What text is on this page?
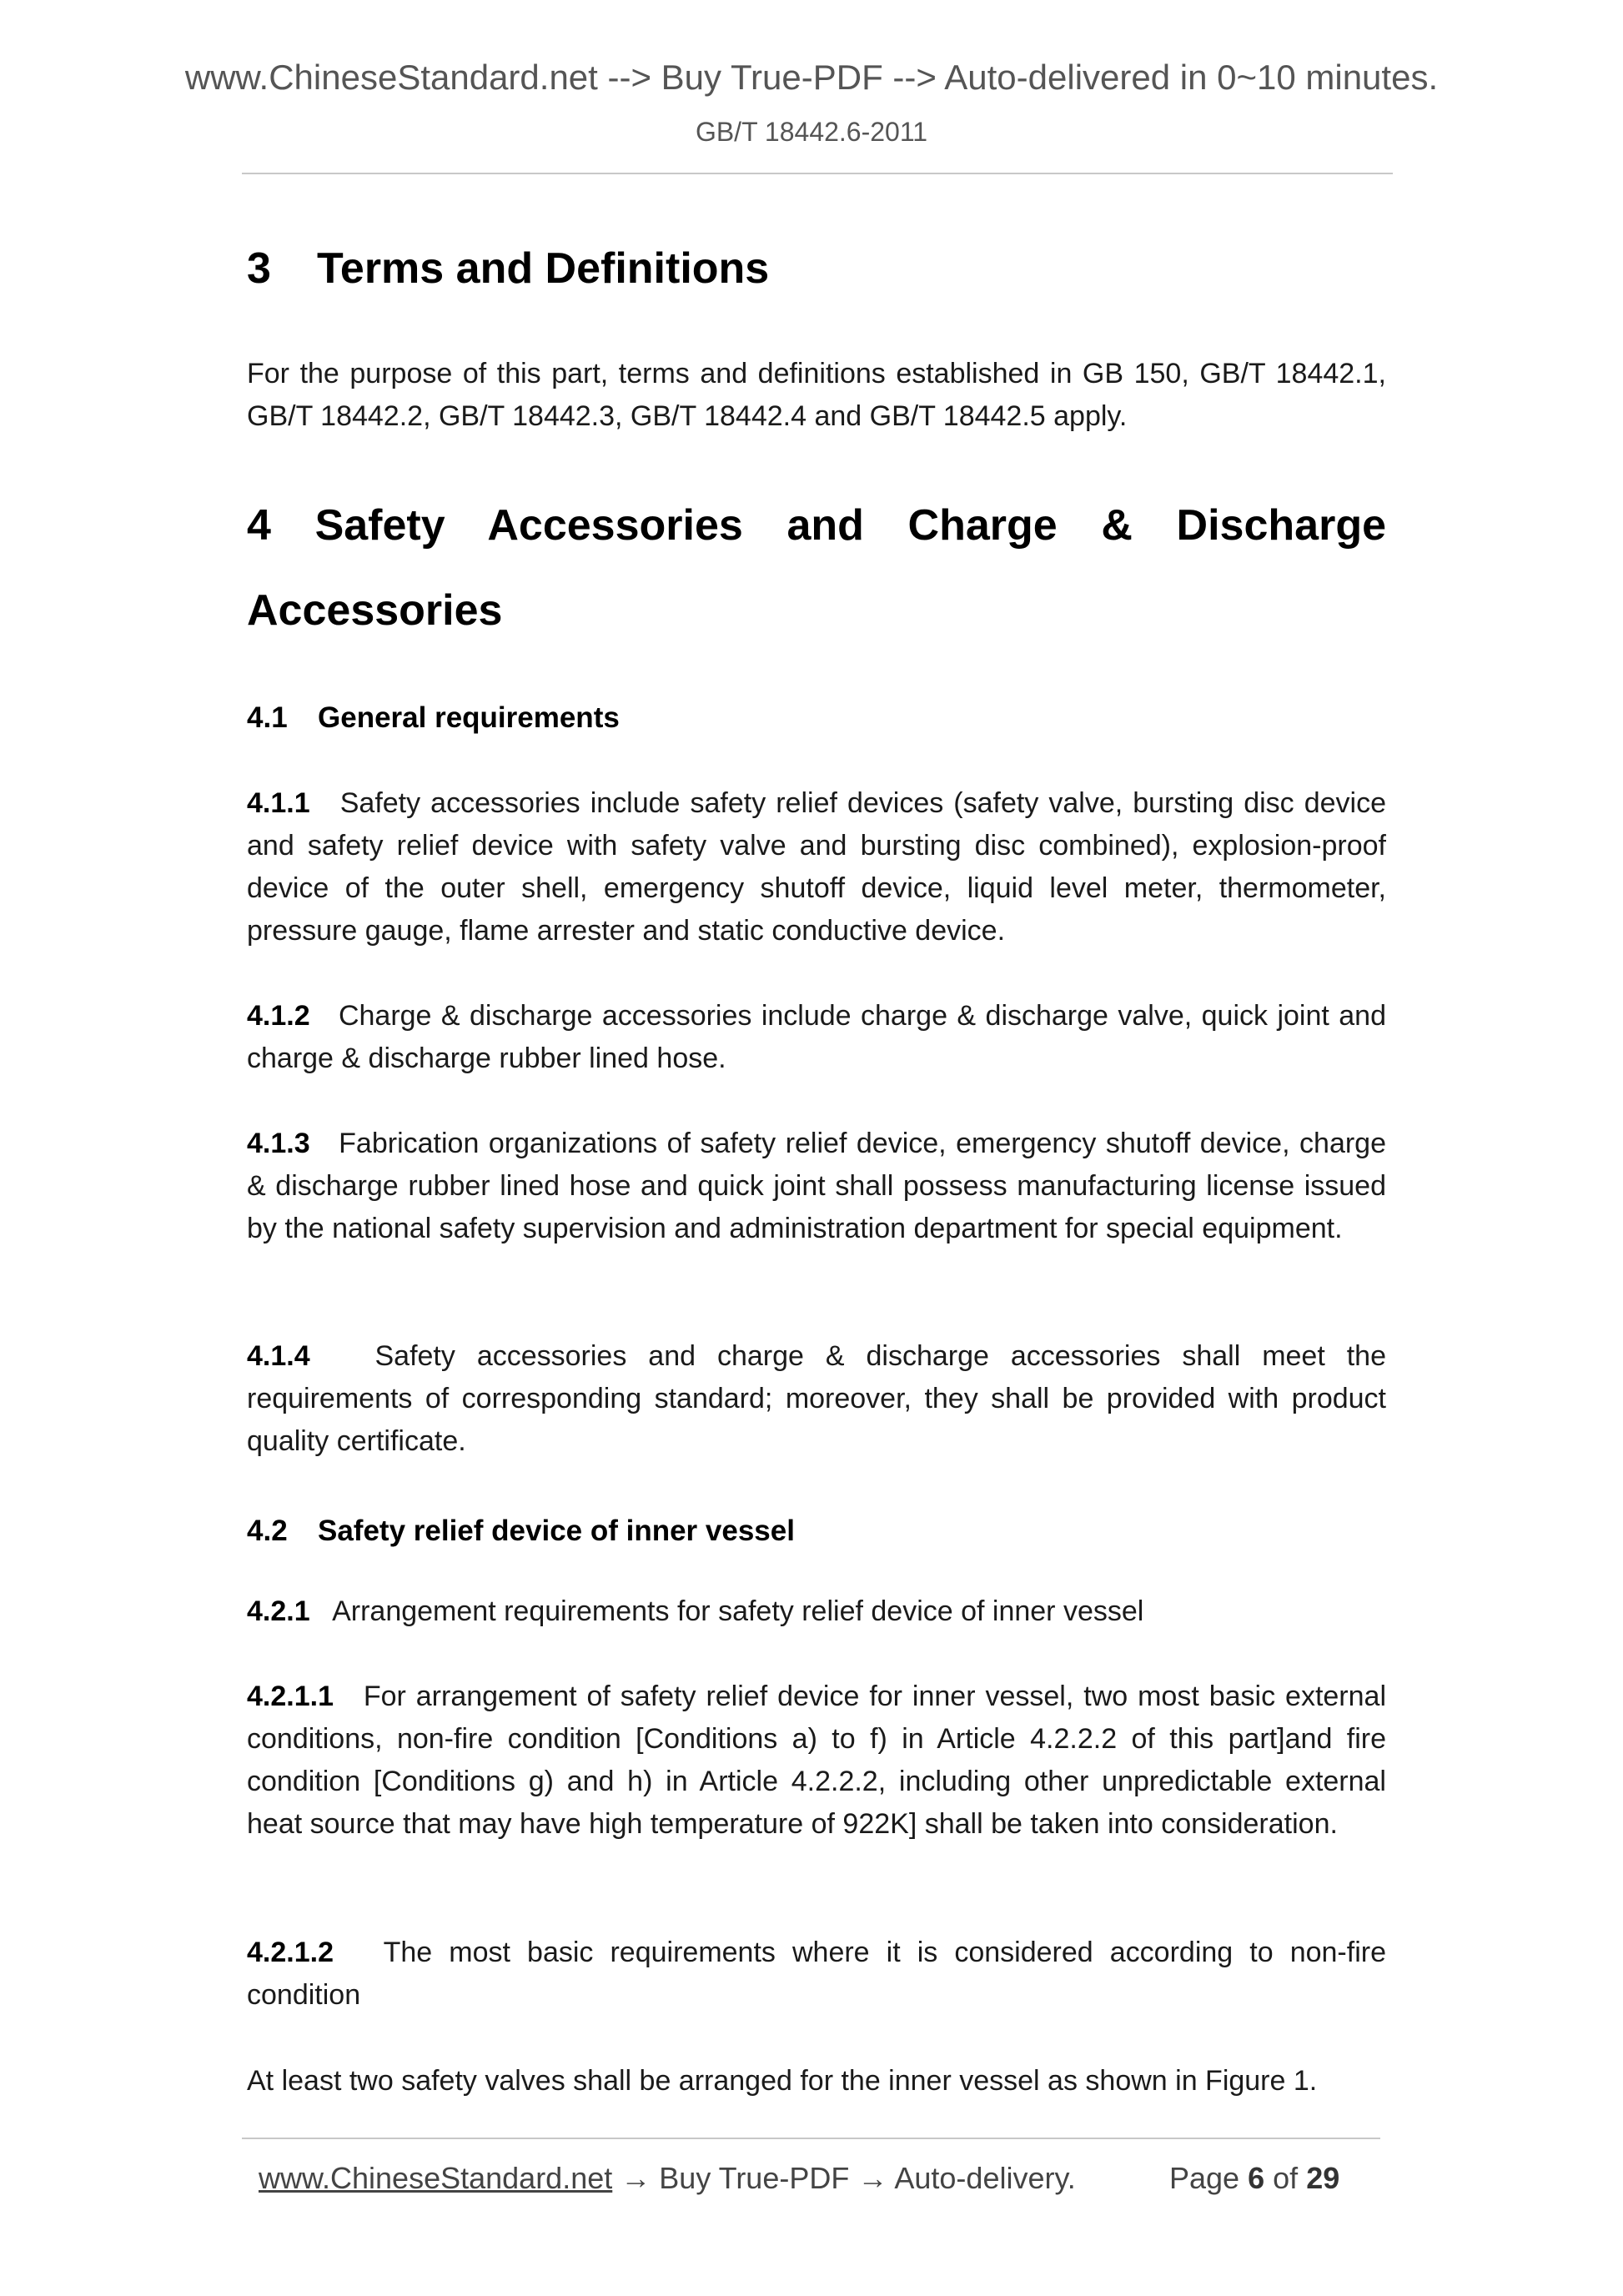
www.ChineseStandard.net --> Buy True-PDF --> Auto-delivered in 0~10 minutes.
GB/T 18442.6-2011
3 Terms and Definitions
For the purpose of this part, terms and definitions established in GB 150, GB/T 18442.1, GB/T 18442.2, GB/T 18442.3, GB/T 18442.4 and GB/T 18442.5 apply.
4 Safety Accessories and Charge & Discharge
Accessories
4.1 General requirements
4.1.1 Safety accessories include safety relief devices (safety valve, bursting disc device and safety relief device with safety valve and bursting disc combined), explosion-proof device of the outer shell, emergency shutoff device, liquid level meter, thermometer, pressure gauge, flame arrester and static conductive device.
4.1.2 Charge & discharge accessories include charge & discharge valve, quick joint and charge & discharge rubber lined hose.
4.1.3 Fabrication organizations of safety relief device, emergency shutoff device, charge & discharge rubber lined hose and quick joint shall possess manufacturing license issued by the national safety supervision and administration department for special equipment.
4.1.4 Safety accessories and charge & discharge accessories shall meet the requirements of corresponding standard; moreover, they shall be provided with product quality certificate.
4.2 Safety relief device of inner vessel
4.2.1 Arrangement requirements for safety relief device of inner vessel
4.2.1.1 For arrangement of safety relief device for inner vessel, two most basic external conditions, non-fire condition [Conditions a) to f) in Article 4.2.2.2 of this part]and fire condition [Conditions g) and h) in Article 4.2.2.2, including other unpredictable external heat source that may have high temperature of 922K] shall be taken into consideration.
4.2.1.2 The most basic requirements where it is considered according to non-fire condition
At least two safety valves shall be arranged for the inner vessel as shown in Figure 1.
www.ChineseStandard.net → Buy True-PDF → Auto-delivery.	Page 6 of 29
